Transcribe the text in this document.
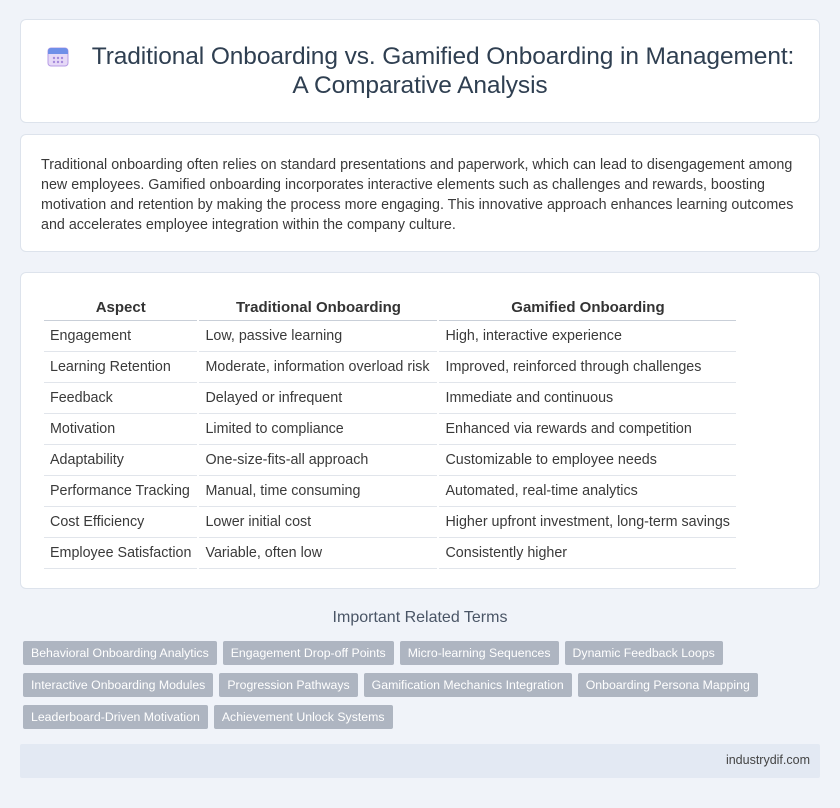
Traditional Onboarding vs. Gamified Onboarding in Management:
A Comparative Analysis

Traditional onboarding often relies on standard presentations and paperwork, which can lead to disengagement among new employees. Gamified onboarding incorporates interactive elements such as challenges and rewards, boosting motivation and retention by making the process more engaging. This innovative approach enhances learning outcomes and accelerates employee integration within the company culture.

Aspect	Traditional Onboarding	Gamified Onboarding
Engagement	Low, passive learning	High, interactive experience
Learning Retention	Moderate, information overload risk	Improved, reinforced through challenges
Feedback	Delayed or infrequent	Immediate and continuous
Motivation	Limited to compliance	Enhanced via rewards and competition
Adaptability	One-size-fits-all approach	Customizable to employee needs
Performance Tracking	Manual, time consuming	Automated, real-time analytics
Cost Efficiency	Lower initial cost	Higher upfront investment, long-term savings
Employee Satisfaction	Variable, often low	Consistently higher
Important Related Terms
Behavioral Onboarding Analytics	Engagement Drop-off Points	Micro-learning Sequences	Dynamic Feedback Loops
Interactive Onboarding Modules	Progression Pathways	Gamification Mechanics Integration	Onboarding Persona Mapping
Leaderboard-Driven Motivation	Achievement Unlock Systems
industrydif.com
